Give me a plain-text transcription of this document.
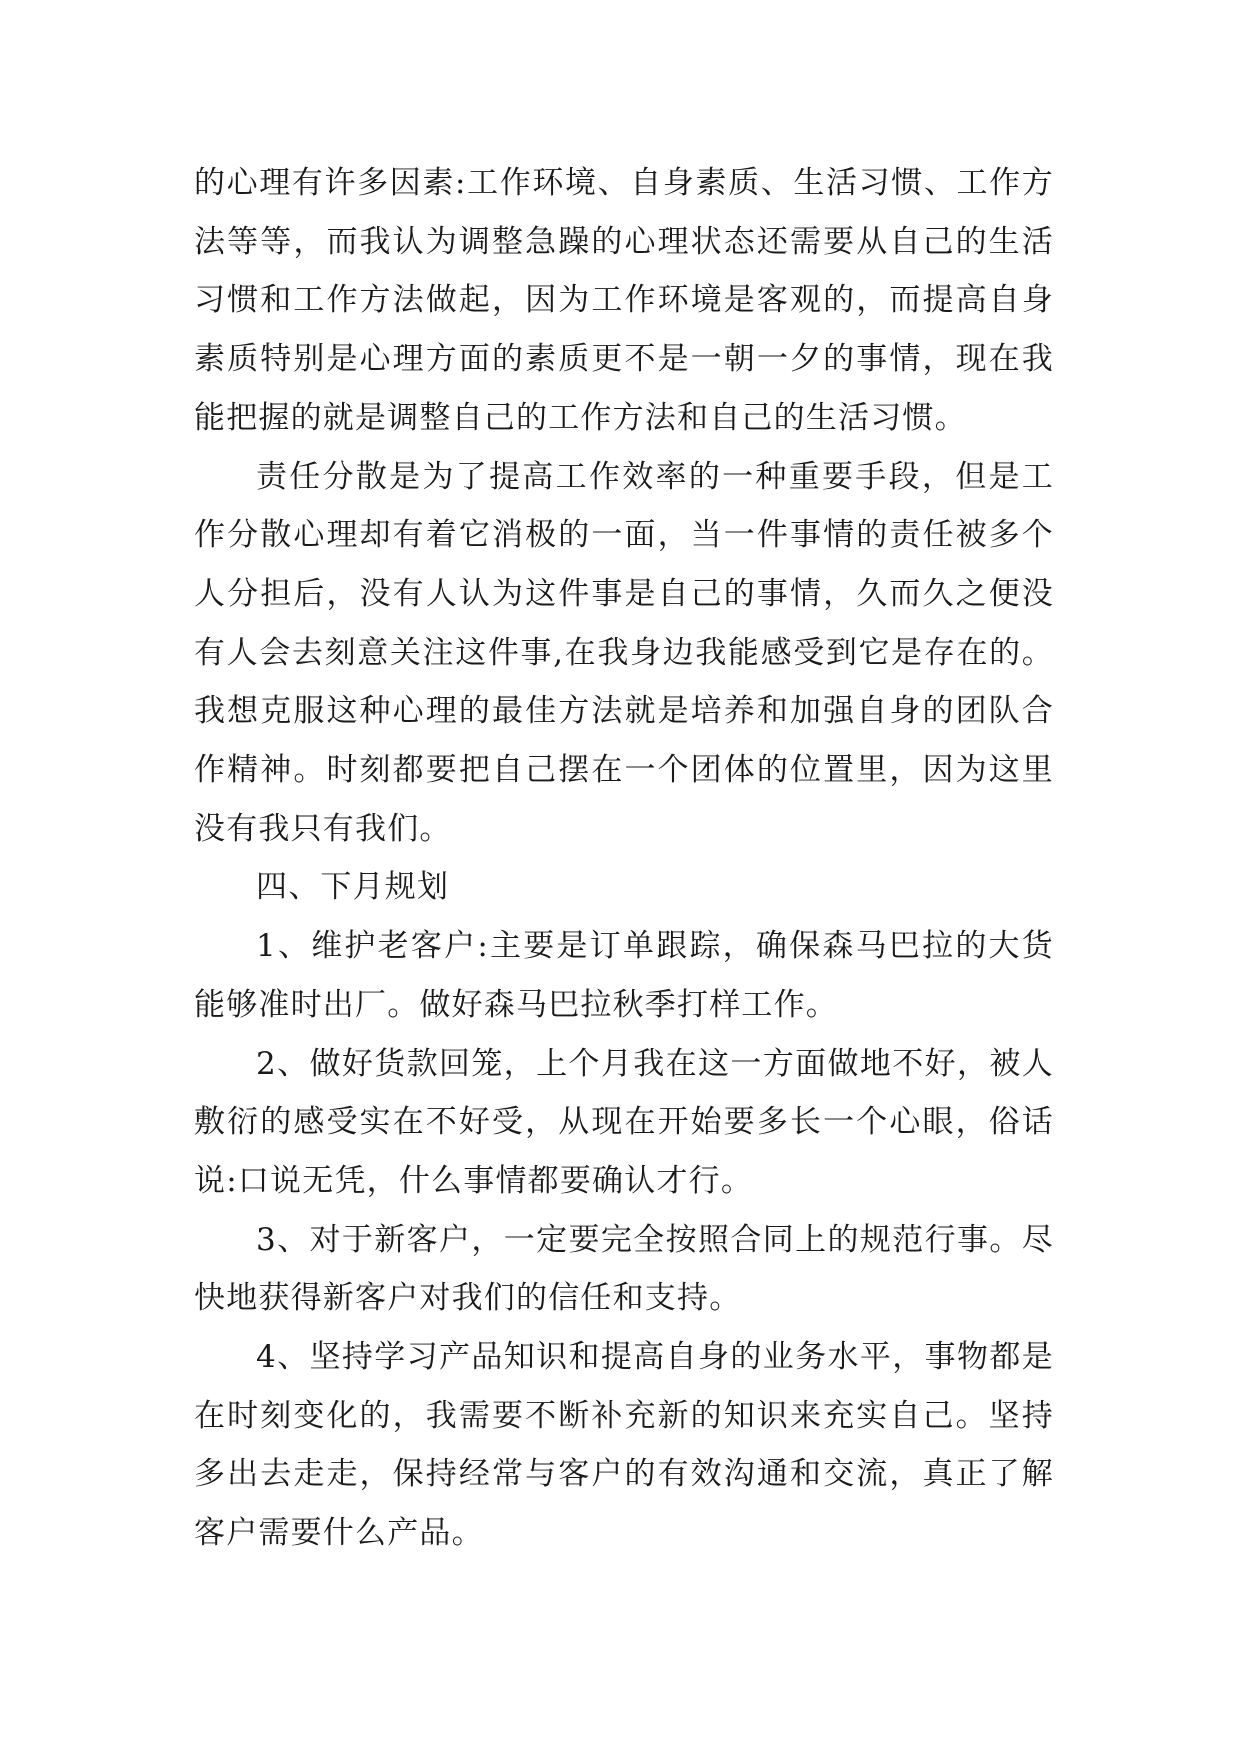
的心理有许多因素:工作环境、自身素质、生活习惯、工作方法等等，而我认为调整急躁的心理状态还需要从自己的生活习惯和工作方法做起，因为工作环境是客观的，而提高自身素质特别是心理方面的素质更不是一朝一夕的事情，现在我能把握的就是调整自己的工作方法和自己的生活习惯。

责任分散是为了提高工作效率的一种重要手段，但是工作分散心理却有着它消极的一面，当一件事情的责任被多个人分担后，没有人认为这件事是自己的事情，久而久之便没有人会去刻意关注这件事,在我身边我能感受到它是存在的。我想克服这种心理的最佳方法就是培养和加强自身的团队合作精神。时刻都要把自己摆在一个团体的位置里，因为这里没有我只有我们。

四、下月规划

1、维护老客户:主要是订单跟踪，确保森马巴拉的大货能够准时出厂。做好森马巴拉秋季打样工作。

2、做好货款回笼，上个月我在这一方面做地不好，被人敷衍的感受实在不好受，从现在开始要多长一个心眼，俗话说:口说无凭，什么事情都要确认才行。

3、对于新客户，一定要完全按照合同上的规范行事。尽快地获得新客户对我们的信任和支持。

4、坚持学习产品知识和提高自身的业务水平，事物都是在时刻变化的，我需要不断补充新的知识来充实自己。坚持多出去走走，保持经常与客户的有效沟通和交流，真正了解客户需要什么产品。
